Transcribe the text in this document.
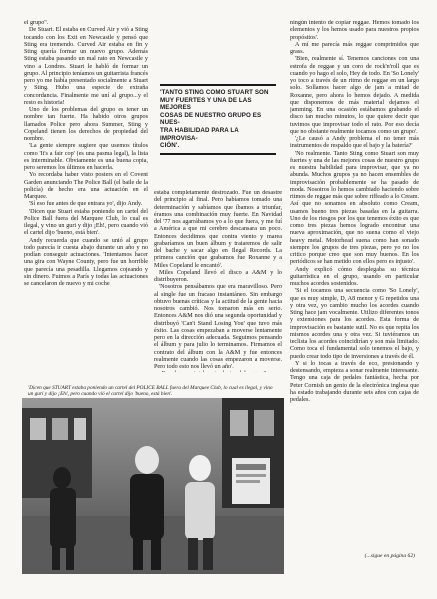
el grupo".

De Stuart. El estaba en Curved Air y vió a Sting tocando con los Exit en Newcastle y pensó que Sting era tremendo. Curved Air estaba en fin y Sting quería formar un nuevo grupo. Además Sting estaba pasando un mal rato en Newcastle y vino a Londres. Stuart le habló de formar un grupo. Al principio teníamos un guitarrista francés pero yo me había presentado socialmente a Stuart y Sting. Hubo una especie de extraña concordancia. Finalmente me uní al grupo...y el resto es historia!

Uno de los problemas del grupo es tener un nombre tan fuerte. Ha habido otros grupos llamados Police pero ahora Summer, Sting y Copeland tienen los derechos de propiedad del nombre.

'La gente siempre sugiere que usemos títulos como 'It's a fair cop' (es una pasma legal), la lista es interminable. Obviamente es una buena copia, pero seremos los últimos en hacerla.

Yo recordaba haber visto posters en el Covent Garden anunciando The Police Ball (el baile de la policía) de hecho era una actuación en el Marquee.

'Sí eso fue antes de que entrara yo', dijo Andy.

'Dicen que Stuart estaba poniendo un cartel del Police Ball fuera del Marquee Club, lo cual es ilegal, y vino un guri y dijo ¡Eh!, pero cuando vió el cartel dijo 'bueno, está bien'.

Andy recuerda que cuando se unió al grupo todo parecía ir cuesta abajo durante un año y no podían conseguir actuaciones. 'Intentamos hacer una gira con Wayne County, pero fue un horrible que parecía una pesadilla. Llegamos cojeando y sin dinero. Fuimos a París y todas las actuaciones se cancelaron de nuevo y mi coche

'TANTO STING COMO STUART SON
MUY FUERTES Y UNA DE LAS MEJORES
COSAS DE NUESTRO GRUPO ES NUES-
TRA HABILIDAD PARA LA IMPROVISA-
CIÓN'.

estaba completamente destrozado. Fue un desastre del principio al final. Pero habíamos tomado una determinación y sabíamos que íbamos a triunfar, éramos una combinación muy fuerte. En Navidad del '77 nos agarrábamos yo a lo que fuera, y me fuí a América a que mi cerebro descansara un poco. Entonces decidimos que contra viento y marea grabaríamos un buen álbum y trataremos de salir del bache y sacar algo en Ilegal Records. La primera canción que grabamos fue Roxanne y a Miles Copeland le encantó'.

Miles Copeland llevó el disco a A&M y lo distribuyeron.

'Nosotros pensábamos que era maravilloso. Pero al single fue un fracaso instantáneo. Sin embargo obtuvo buenas críticas y la actitud de la gente hacia nosotros cambió. Nos tomaron más en serio. Entonces A&M nos dió una segunda oportunidad y distribuyó 'Can't Stand Losing You' que tuvo más éxito. Las cosas empezaban a moverse lentamente pero en la dirección adecuada. Seguimos pensando el álbum y para julio lo terminamos. Firmamos el contrato del álbum con la A&M y fue entonces realmente cuando las cosas empezaron a moverse. Pero todo esto nos llevó un año'.

ningún intento de copiar reggae. Hemos tomado los elementos y los hemos usado para nuestros propios propósitos'.

A mí me parecía más reggae comprimidos que grass.

'Bien, realmente sí. Tenemos canciones con una estrofa de reggae y un coro de rock'n'roll que es cuando yo hago el solo, Hey de todo. En 'So Lonely' yo toco a través de un ritmo de reggae en un largo solo. Sollamos hacer algo de jam a mitad de Roxanne, pero ahora lo hemos dejado. A medida que disponemos de más material dejamos el jamming. En una ocasión estábamos grabando el disco tan mucho minutos, lo que quiere decir que tuvimos que improvisar todo el rato. Por eso decía que no obstante realmente tocamos como un grupo'.

'¿Le causó a Andy problema el no tener más instrumentos de respaldo que el bajo y la batería?'

'No realmente. Tanto Sting como Stuart son muy fuertes y una de las mejores cosas de nuestro grupo es nuestra habilidad para improvisar, que ya no abunda. Muchos grupos ya no hacen ensembles de improvisación probablemente se ha pasado de moda. Nosotros lo hemos cambiado haciendo sobre ritmos de reggae más que sobre riffeado a lo Cream. Así que no sonamos en absoluto como Cream, usamos bueno tres piezas basadas en la guitarra. Uno de los riesgos por los que tenemos éxito es que como tres piezas hemos logrado encontrar una nueva aproximación, que no suena como el viejo heavy metal. Motorhead suena como han sonado siempre los grupos de tres piezas, pero yo no los critico porque creo que son muy buenos. En los periódicos se han metido con ellos pero es injusto'.

Andy explicó cómo desplegaba su técnica guitarrística en el grupo, usando en particular muchos acordes sostenidos.

'Si el tocamos una secuencia como 'So Lonely', que es muy simple, D, A8 menor y G repetidos una y otra vez, yo cambio mucho los acordes cuando Sting hace jam vocalmente. Utilizo diferentes tonos y extensiones para los acordes. Esta forma de improvisación es bastante sutil. No es que repita los mismos acordes una y otra vez. Si tuviéramos un teclista los acordes coincidirían y son más limitado. Como toca el fundamental solo tenemos el bajo, y puedo crear todo tipo de inversiones a través de él.

Y si lo tocas a través de eco, presionando y destensando, empieza a sonar realmente interesante. Tengo una caja de pedales fantástica, hecha por Peter Cornish un genio de la electrónica inglesa que ha estado trabajando durante seis años con cajas de pedales.

'Dicen que STUART estaba poniendo un cartel del POLICE BALL fuera del Marquee Club, lo cual es ilegal, y vino un guri y dijo ¡Eh!, pero cuando vió el cartel dijo 'bueno, está bien'.
(...sigue en página 62)
